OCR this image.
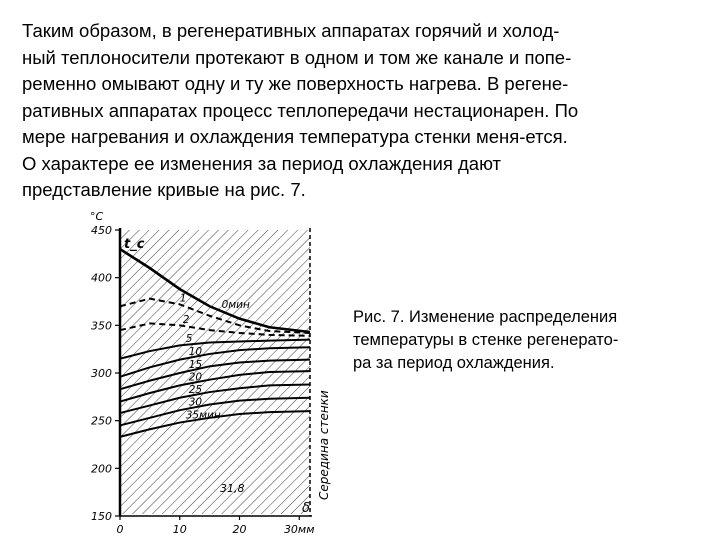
Таким образом, в регенеративных аппаратах горячий и холод-
ный теплоносители протекают в одном и том же канале и попе-
ременно омывают одну и ту же поверхность нагрева. В регене-
ративных аппаратах процесс теплопередачи нестационарен. По
мере нагревания и охлаждения температура стенки меня-ется.
О характере ее изменения за период охлаждения дают
представление кривые на рис. 7.
450
400
350
300
250
200
150
0	10	20	30мм
0мин
1
2
5
10
15
20
25
30
35мин
°С
t_c
δ
31,8	Середина стенки
Рис. 7. Изменение распределения
температуры в стенке регенерато-
ра за период охлаждения.
